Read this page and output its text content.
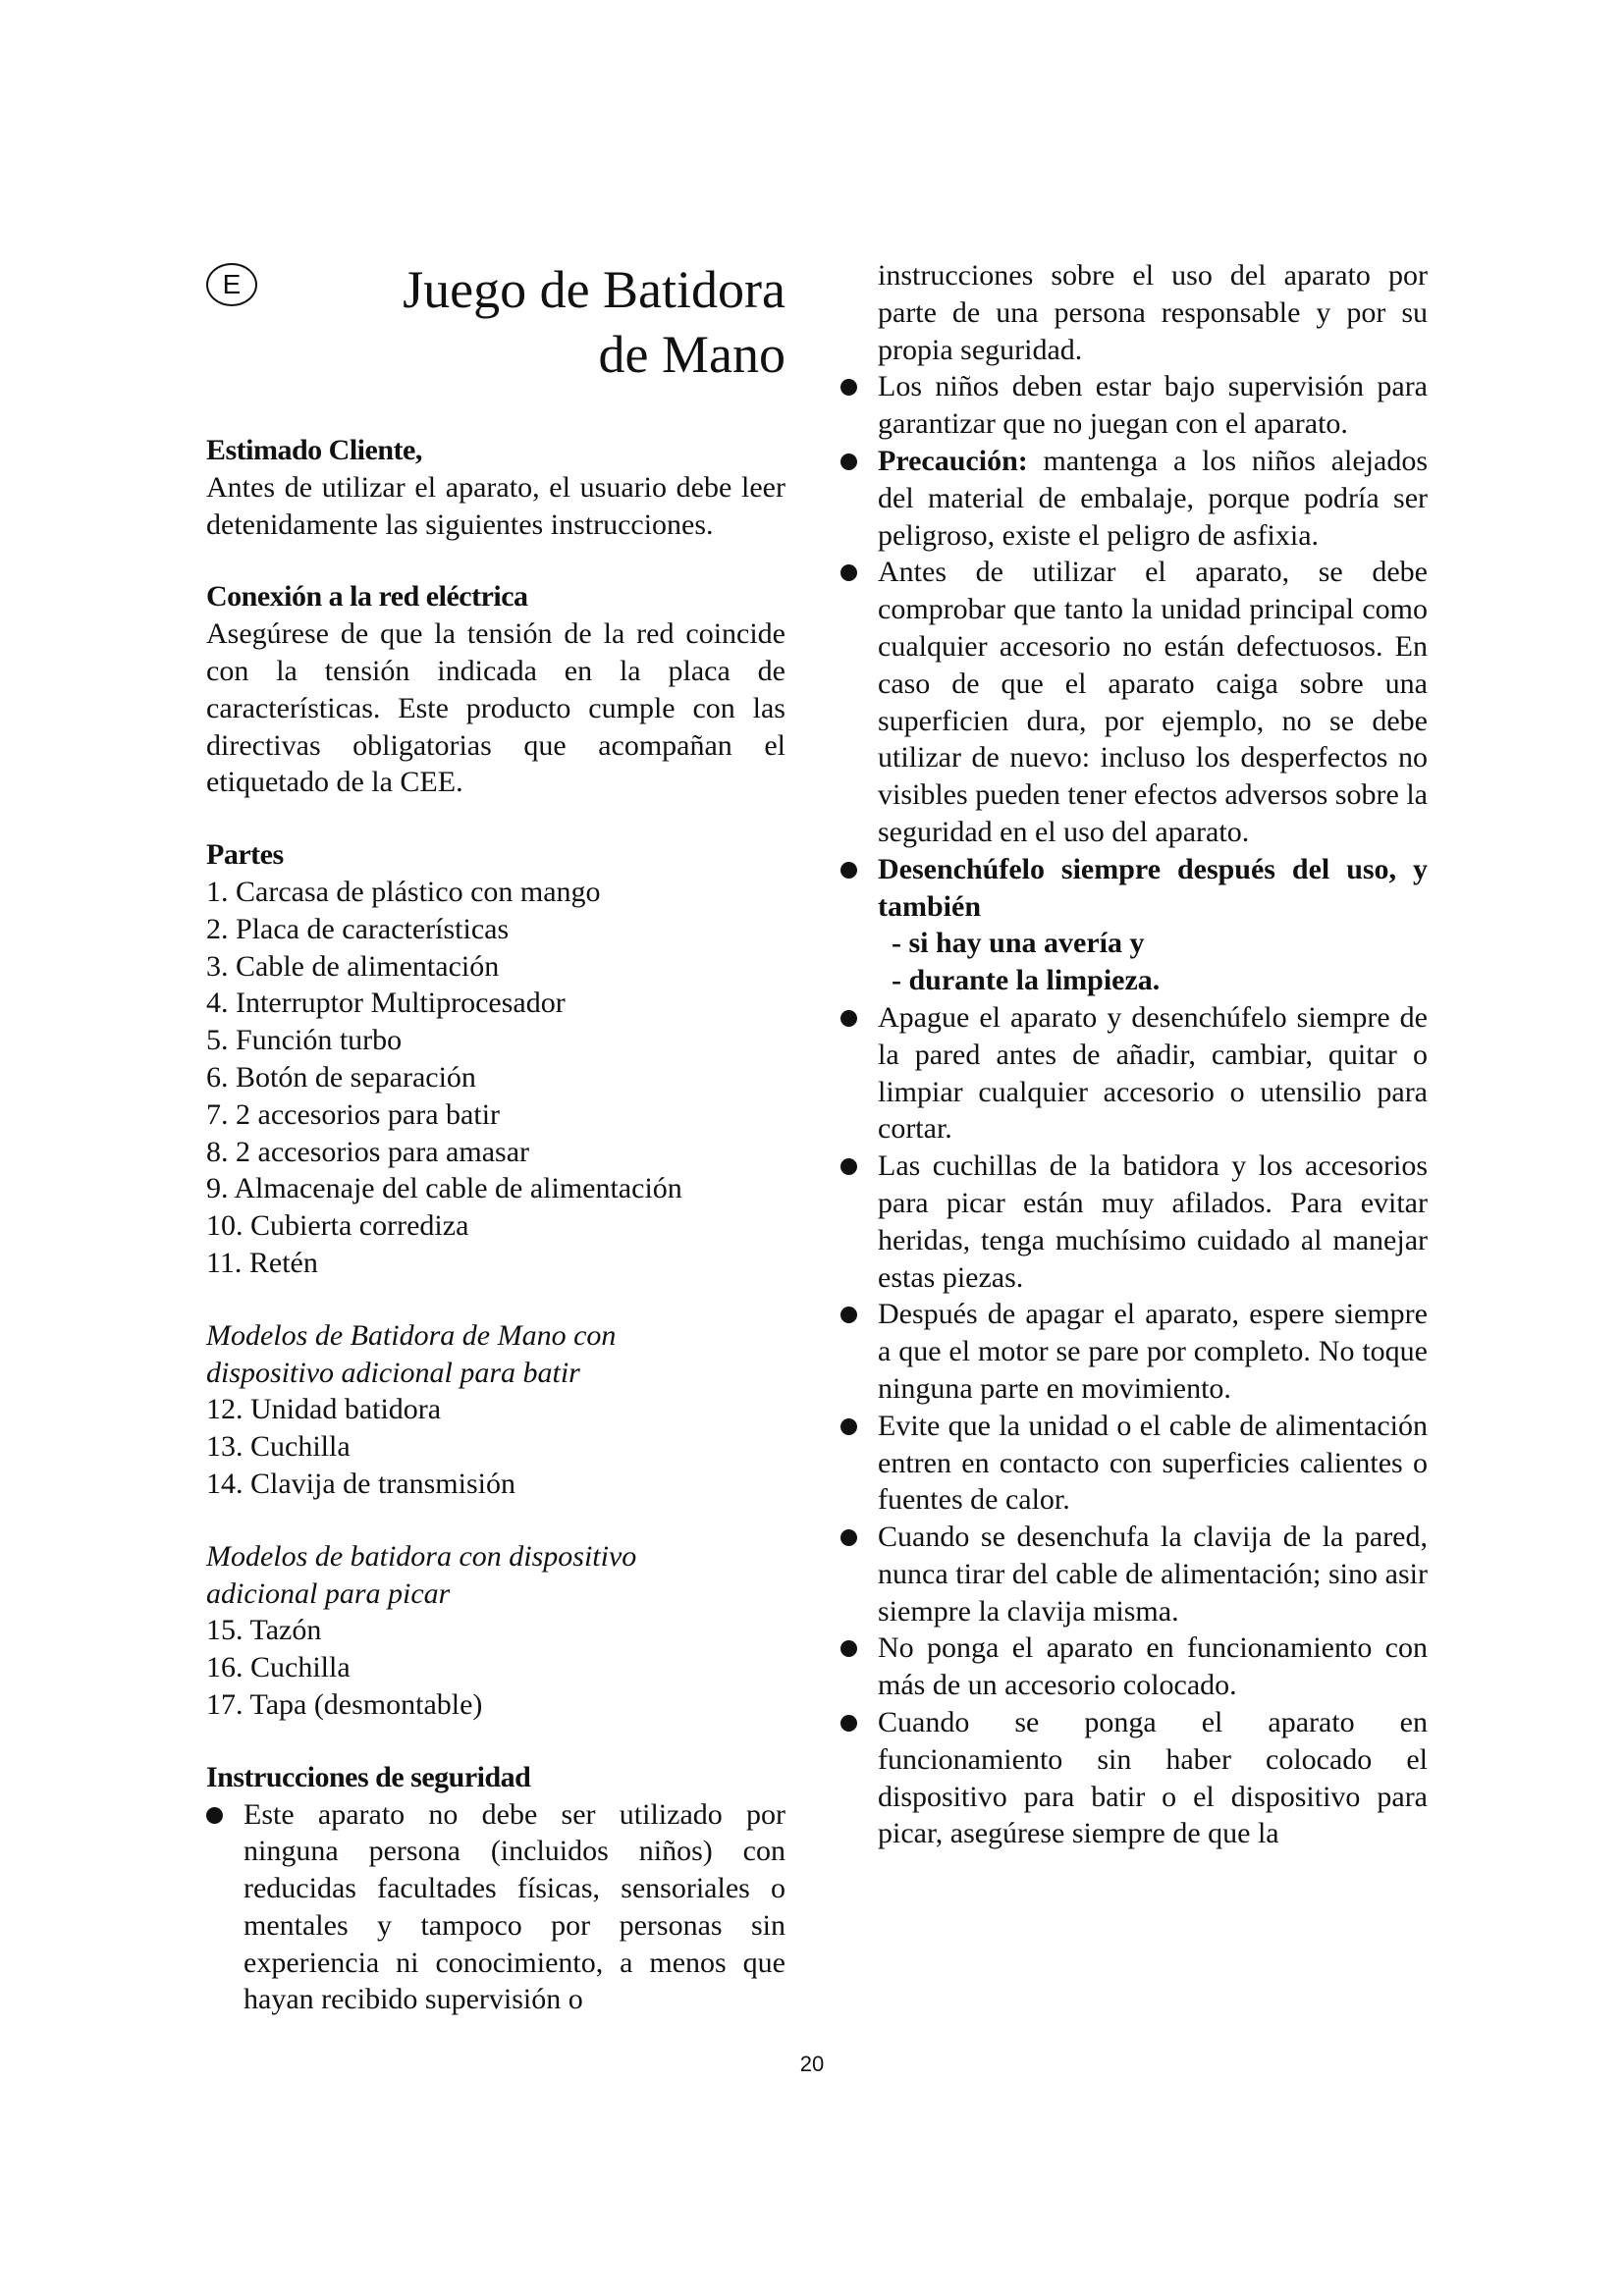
E	Juego de Batidora
de Mano

Estimado Cliente,

Antes de utilizar el aparato, el usuario debe leer detenidamente las siguientes instrucciones.

Conexión a la red eléctrica

Asegúrese de que la tensión de la red coincide con la tensión indicada en la placa de características. Este producto cumple con las directivas obligatorias que acompañan el etiquetado de la CEE.

Partes

1. Carcasa de plástico con mango
2. Placa de características
3. Cable de alimentación
4. Interruptor Multiprocesador
5. Función turbo
6. Botón de separación
7. 2 accesorios para batir
8. 2 accesorios para amasar
9. Almacenaje del cable de alimentación
10. Cubierta corrediza
11. Retén

Modelos de Batidora de Mano con

dispositivo adicional para batir

12. Unidad batidora
13. Cuchilla
14. Clavija de transmisión

Modelos de batidora con dispositivo

adicional para picar

15. Tazón
16. Cuchilla
17. Tapa (desmontable)

Instrucciones de seguridad

Este aparato no debe ser utilizado por ninguna persona (incluidos niños) con reducidas facultades físicas, sensoriales o mentales y tampoco por personas sin experiencia ni conocimiento, a menos que hayan recibido supervisión o

instrucciones sobre el uso del aparato por parte de una persona responsable y por su propia seguridad.

Los niños deben estar bajo supervisión para garantizar que no juegan con el aparato.
Precaución: mantenga a los niños alejados del material de embalaje, porque podría ser peligroso, existe el peligro de asfixia.
Antes de utilizar el aparato, se debe comprobar que tanto la unidad principal como cualquier accesorio no están defectuosos. En caso de que el aparato caiga sobre una superficien dura, por ejemplo, no se debe utilizar de nuevo: incluso los desperfectos no visibles pueden tener efectos adversos sobre la seguridad en el uso del aparato.
Desenchúfelo siempre después del uso, y también
- si hay una avería y
- durante la limpieza.
Apague el aparato y desenchúfelo siempre de la pared antes de añadir, cambiar, quitar o limpiar cualquier accesorio o utensilio para cortar.
Las cuchillas de la batidora y los accesorios para picar están muy afilados. Para evitar heridas, tenga muchísimo cuidado al manejar estas piezas.
Después de apagar el aparato, espere siempre a que el motor se pare por completo. No toque ninguna parte en movimiento.
Evite que la unidad o el cable de alimentación entren en contacto con superficies calientes o fuentes de calor.
Cuando se desenchufa la clavija de la pared, nunca tirar del cable de alimentación; sino asir siempre la clavija misma.
No ponga el aparato en funcionamiento con más de un accesorio colocado.
Cuando se ponga el aparato en funcionamiento sin haber colocado el dispositivo para batir o el dispositivo para picar, asegúrese siempre de que la
20
